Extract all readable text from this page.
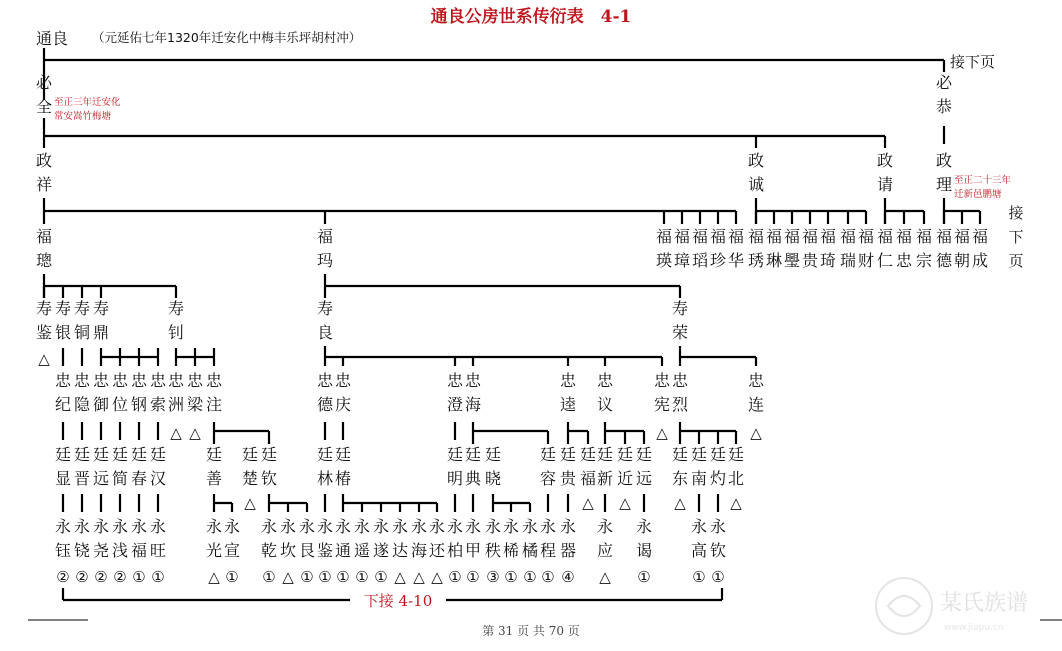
通良
接下页
必
全
必
恭
至正三年迁安化
常安嵩竹梅塘
政
祥
政
诚
政
请
政
理 至正二十三年
迁新邑鹏塘
接
下
页
福
璁
福
玛
福
瑛
福
璋
福
瑫
福
珍
福
华
福
琇
福
琳
福
璺
福
贵
福
琦
福
瑞
福
财
福
仁
福
忠
福
宗
福
德
福
朝
福
成
寿
鉴
寿
银
寿
铜
寿
鼎
寿
钊
寿
良
寿
荣
△
忠
纪
忠
隐
忠
御
忠
位
忠
钢
忠
索
忠
洲
忠
梁
忠
注
忠
德
忠
庆
忠
澄
忠
海
忠
逵
忠
议
忠
宪
忠
烈
忠
连
△ △	△	△
廷
显
廷
晋
廷
远
廷
简
廷
春
廷
汉
廷
善
廷
楚
廷
钦
廷
林
廷
椿
廷
明
廷
典
廷
晓
廷
容
廷
贵
廷
福
廷
新
廷
近
廷
远
廷
东
廷
南
廷
灼
廷
北
△	△ △	△	△
永
钰
永
铙
永
尧
永
浅
永
福
永
旺
永
光
永
宣
永
乾
永
坎
永
艮
永
鉴
永
通
永
遥
永
遂
永
达
永
海
永
还
永
柏
永
甲
永
秩
永
桸
永
橘
永
程
永
器
永
应
永
谒
永
高
永
钦
② ② ② ② ① ①	△ ① ① △ ① ① ① ① ① △ △ △ ① ① ③ ① ① ① ④ △ ①	① ①
下接 4-10
通良公房世系传衍表　4-1
（元延佑七年1320年迁安化中梅丰乐坪胡村冲）
第 31 页 共 70 页
某氏族谱
www.jiapu.cn
